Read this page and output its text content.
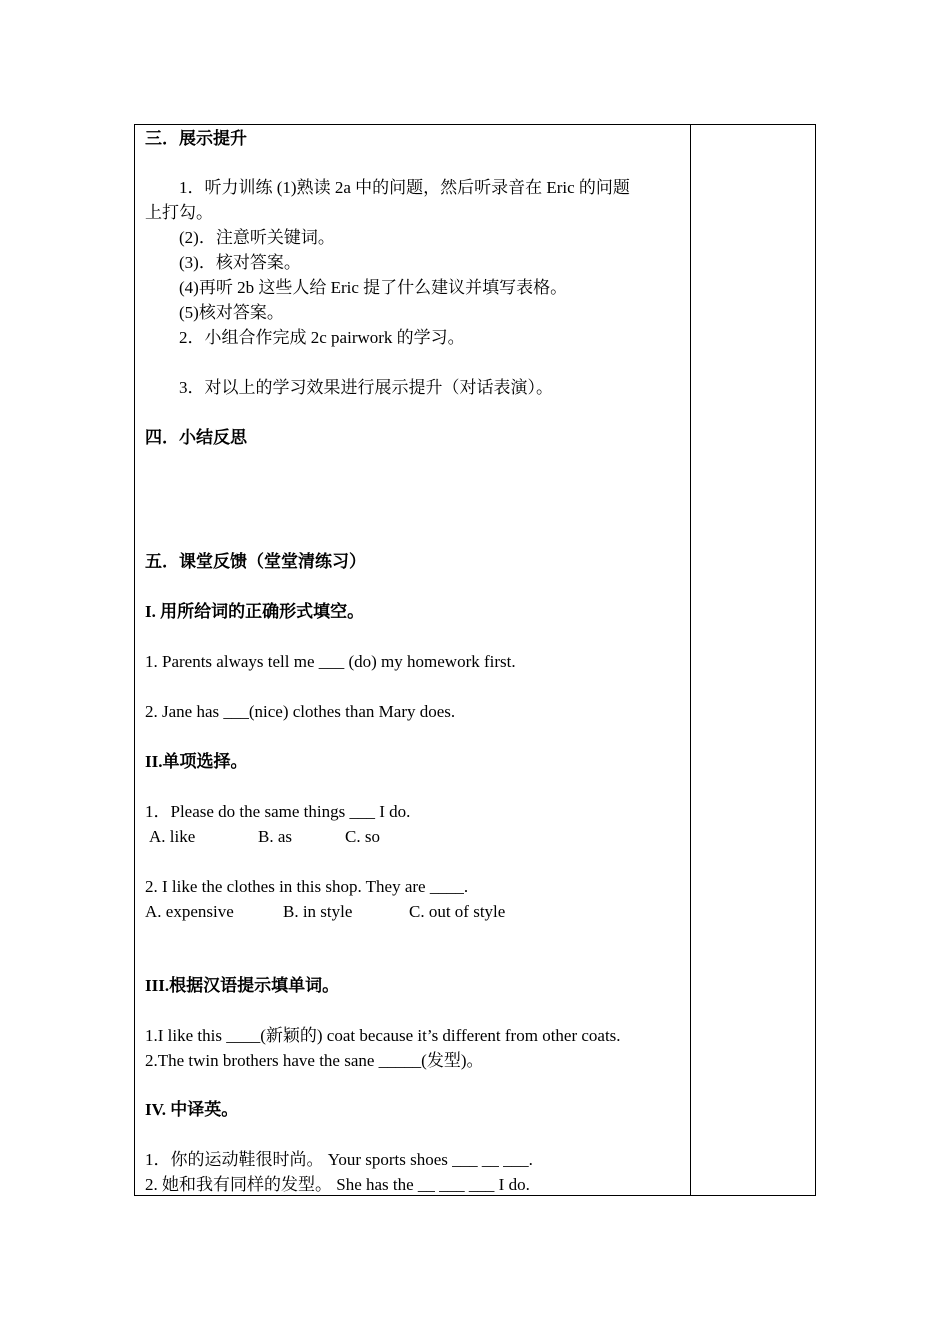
三．展示提升
1．听力训练 (1)熟读 2a 中的问题，然后听录音在 Eric 的问题
上打勾。
(2)．注意听关键词。
(3)．核对答案。
(4)再听 2b 这些人给 Eric 提了什么建议并填写表格。
(5)核对答案。
2．小组合作完成 2c pairwork 的学习。
3．对以上的学习效果进行展示提升（对话表演）。
四．小结反思
五．课堂反馈（堂堂清练习）
I. 用所给词的正确形式填空。
1. Parents always tell me ___ (do) my homework first.
2. Jane has ___(nice) clothes than Mary does.
II.单项选择。
1．Please do the same things ___ I do.
A. like	B. as	C. so
2. I like the clothes in this shop. They are ____.
A. expensive	B. in style	C. out of style
III.根据汉语提示填单词。
1.I like this ____(新颖的) coat because it’s different from other coats.
2.The twin brothers have the sane _____(发型)。
IV. 中译英。
1．你的运动鞋很时尚。 Your sports shoes ___ __ ___.
2. 她和我有同样的发型。 She has the __ ___ ___ I do.
